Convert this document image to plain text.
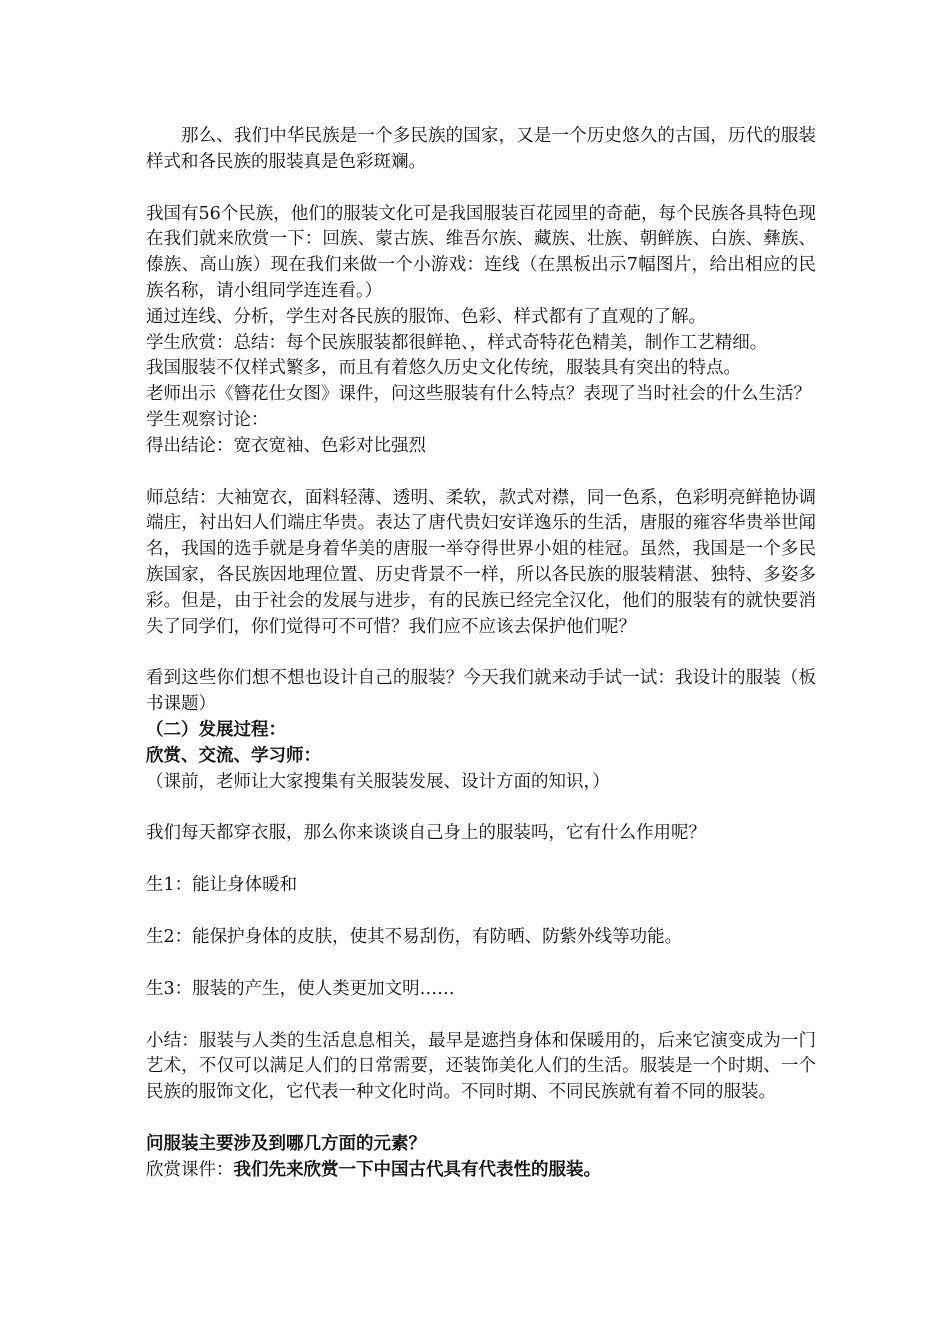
那么、我们中华民族是一个多民族的国家，又是一个历史悠久的古国，历代的服装样式和各民族的服装真是色彩斑斓。

我国有56个民族，他们的服装文化可是我国服装百花园里的奇葩，每个民族各具特色现在我们就来欣赏一下：回族、蒙古族、维吾尔族、藏族、壮族、朝鲜族、白族、彝族、傣族、高山族）现在我们来做一个小游戏：连线（在黑板出示7幅图片，给出相应的民族名称，请小组同学连连看。）

通过连线、分析，学生对各民族的服饰、色彩、样式都有了直观的了解。

学生欣赏：总结：每个民族服装都很鲜艳、，样式奇特花色精美，制作工艺精细。

我国服装不仅样式繁多，而且有着悠久历史文化传统，服装具有突出的特点。

老师出示《簪花仕女图》课件，问这些服装有什么特点？表现了当时社会的什么生活？

学生观察讨论：

得出结论：宽衣宽袖、色彩对比强烈

师总结：大袖宽衣，面料轻薄、透明、柔软，款式对襟，同一色系，色彩明亮鲜艳协调端庄，衬出妇人们端庄华贵。表达了唐代贵妇安详逸乐的生活，唐服的雍容华贵举世闻名，我国的选手就是身着华美的唐服一举夺得世界小姐的桂冠。虽然，我国是一个多民族国家，各民族因地理位置、历史背景不一样，所以各民族的服装精湛、独特、多姿多彩。但是，由于社会的发展与进步，有的民族已经完全汉化，他们的服装有的就快要消失了同学们，你们觉得可不可惜？我们应不应该去保护他们呢？

看到这些你们想不想也设计自己的服装？今天我们就来动手试一试：我设计的服装（板书课题）

（二）发展过程：

欣赏、交流、学习师：

（课前，老师让大家搜集有关服装发展、设计方面的知识，）

我们每天都穿衣服，那么你来谈谈自己身上的服装吗，它有什么作用呢？

生1：能让身体暖和

生2：能保护身体的皮肤，使其不易刮伤，有防晒、防紫外线等功能。

生3：服装的产生，使人类更加文明……

小结：服装与人类的生活息息相关，最早是遮挡身体和保暖用的，后来它演变成为一门艺术，不仅可以满足人们的日常需要，还装饰美化人们的生活。服装是一个时期、一个民族的服饰文化，它代表一种文化时尚。不同时期、不同民族就有着不同的服装。

问服装主要涉及到哪几方面的元素？

欣赏课件：我们先来欣赏一下中国古代具有代表性的服装。
